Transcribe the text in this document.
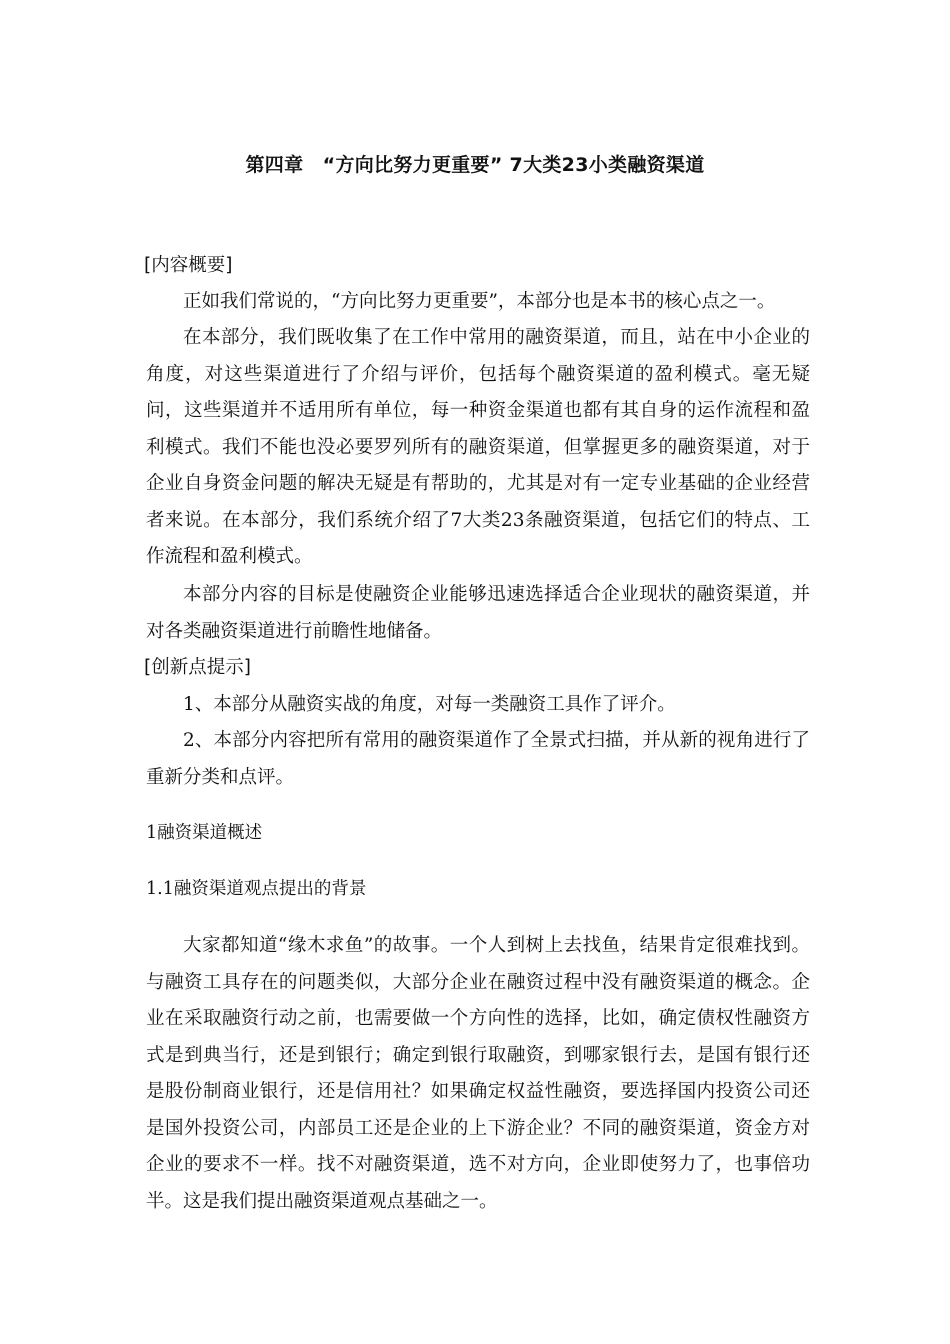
第四章　“方向比努力更重要” 7大类23小类融资渠道

[内容概要]

正如我们常说的，“方向比努力更重要”，本部分也是本书的核心点之一。

在本部分，我们既收集了在工作中常用的融资渠道，而且，站在中小企业的角度，对这些渠道进行了介绍与评价，包括每个融资渠道的盈利模式。毫无疑问，这些渠道并不适用所有单位，每一种资金渠道也都有其自身的运作流程和盈利模式。我们不能也没必要罗列所有的融资渠道，但掌握更多的融资渠道，对于企业自身资金问题的解决无疑是有帮助的，尤其是对有一定专业基础的企业经营者来说。在本部分，我们系统介绍了7大类23条融资渠道，包括它们的特点、工作流程和盈利模式。

本部分内容的目标是使融资企业能够迅速选择适合企业现状的融资渠道，并对各类融资渠道进行前瞻性地储备。

[创新点提示]

1、本部分从融资实战的角度，对每一类融资工具作了评介。

2、本部分内容把所有常用的融资渠道作了全景式扫描，并从新的视角进行了重新分类和点评。

1融资渠道概述

1.1融资渠道观点提出的背景

大家都知道“缘木求鱼”的故事。一个人到树上去找鱼，结果肯定很难找到。与融资工具存在的问题类似，大部分企业在融资过程中没有融资渠道的概念。企业在采取融资行动之前，也需要做一个方向性的选择，比如，确定债权性融资方式是到典当行，还是到银行；确定到银行取融资，到哪家银行去，是国有银行还是股份制商业银行，还是信用社？如果确定权益性融资，要选择国内投资公司还是国外投资公司，内部员工还是企业的上下游企业？不同的融资渠道，资金方对企业的要求不一样。找不对融资渠道，选不对方向，企业即使努力了，也事倍功半。这是我们提出融资渠道观点基础之一。
